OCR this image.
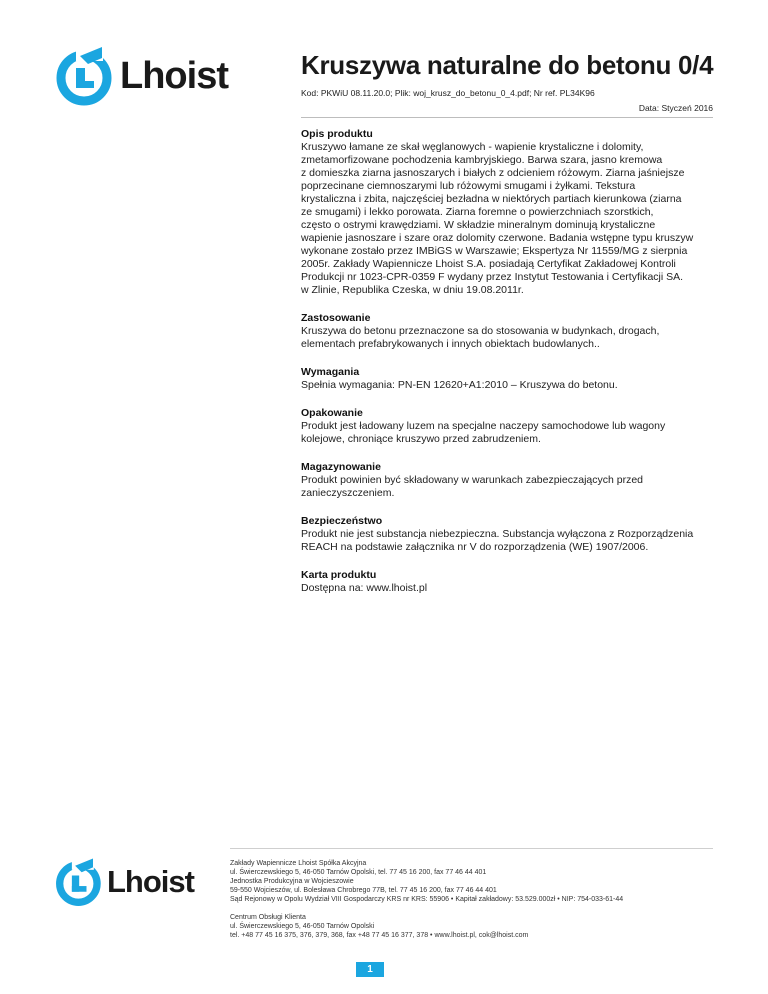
Lhoist	Kruszywa naturalne do betonu 0/4
Kod: PKWiU 08.11.20.0; Plik: woj_krusz_do_betonu_0_4.pdf; Nr ref. PL34K96
Data: Styczeń 2016
Opis produktu
Kruszywo łamane ze skał węglanowych - wapienie krystaliczne i dolomity,
zmetamorfizowane pochodzenia kambryjskiego. Barwa szara, jasno kremowa
z domieszka ziarna jasnoszarych i białych z odcieniem różowym. Ziarna jaśniejsze
poprzecinane ciemnoszarymi lub różowymi smugami i żyłkami. Tekstura
krystaliczna i zbita, najczęściej bezładna w niektórych partiach kierunkowa (ziarna
ze smugami) i lekko porowata. Ziarna foremne o powierzchniach szorstkich,
często o ostrymi krawędziami. W składzie mineralnym dominują krystaliczne
wapienie jasnoszare i szare oraz dolomity czerwone. Badania wstępne typu kruszyw
wykonane zostało przez IMBiGS w Warszawie; Ekspertyza Nr 11559/MG z sierpnia
2005r. Zakłady Wapiennicze Lhoist S.A. posiadają Certyfikat Zakładowej Kontroli
Produkcji nr 1023-CPR-0359 F wydany przez Instytut Testowania i Certyfikacji SA.
w Zlinie, Republika Czeska, w dniu 19.08.2011r.
Zastosowanie
Kruszywa do betonu przeznaczone sa do stosowania w budynkach, drogach,
elementach prefabrykowanych i innych obiektach budowlanych..
Wymagania
Spełnia wymagania: PN-EN 12620+A1:2010 – Kruszywa do betonu.
Opakowanie
Produkt jest ładowany luzem na specjalne naczepy samochodowe lub wagony
kolejowe, chroniące kruszywo przed zabrudzeniem.
Magazynowanie
Produkt powinien być składowany w warunkach zabezpieczających przed
zanieczyszczeniem.
Bezpieczeństwo
Produkt nie jest substancja niebezpieczna. Substancja wyłączona z Rozporządzenia
REACH na podstawie załącznika nr V do rozporządzenia (WE) 1907/2006.
Karta produktu
Dostępna na: www.lhoist.pl
Lhoist
Zakłady Wapiennicze Lhoist Spółka Akcyjna
ul. Świerczewskiego 5, 46-050 Tarnów Opolski, tel. 77 45 16 200, fax 77 46 44 401
Jednostka Produkcyjna w Wojcieszowie
59-550 Wojcieszów, ul. Bolesława Chrobrego 77B, tel. 77 45 16 200, fax 77 46 44 401
Sąd Rejonowy w Opolu Wydział VIII Gospodarczy KRS nr KRS: 55906 • Kapitał zakładowy: 53.529.000zł • NIP: 754-033-61-44
Centrum Obsługi Klienta
ul. Świerczewskiego 5, 46-050 Tarnów Opolski
tel. +48 77 45 16 375, 376, 379, 368, fax +48 77 45 16 377, 378 • www.lhoist.pl, cok@lhoist.com
1
